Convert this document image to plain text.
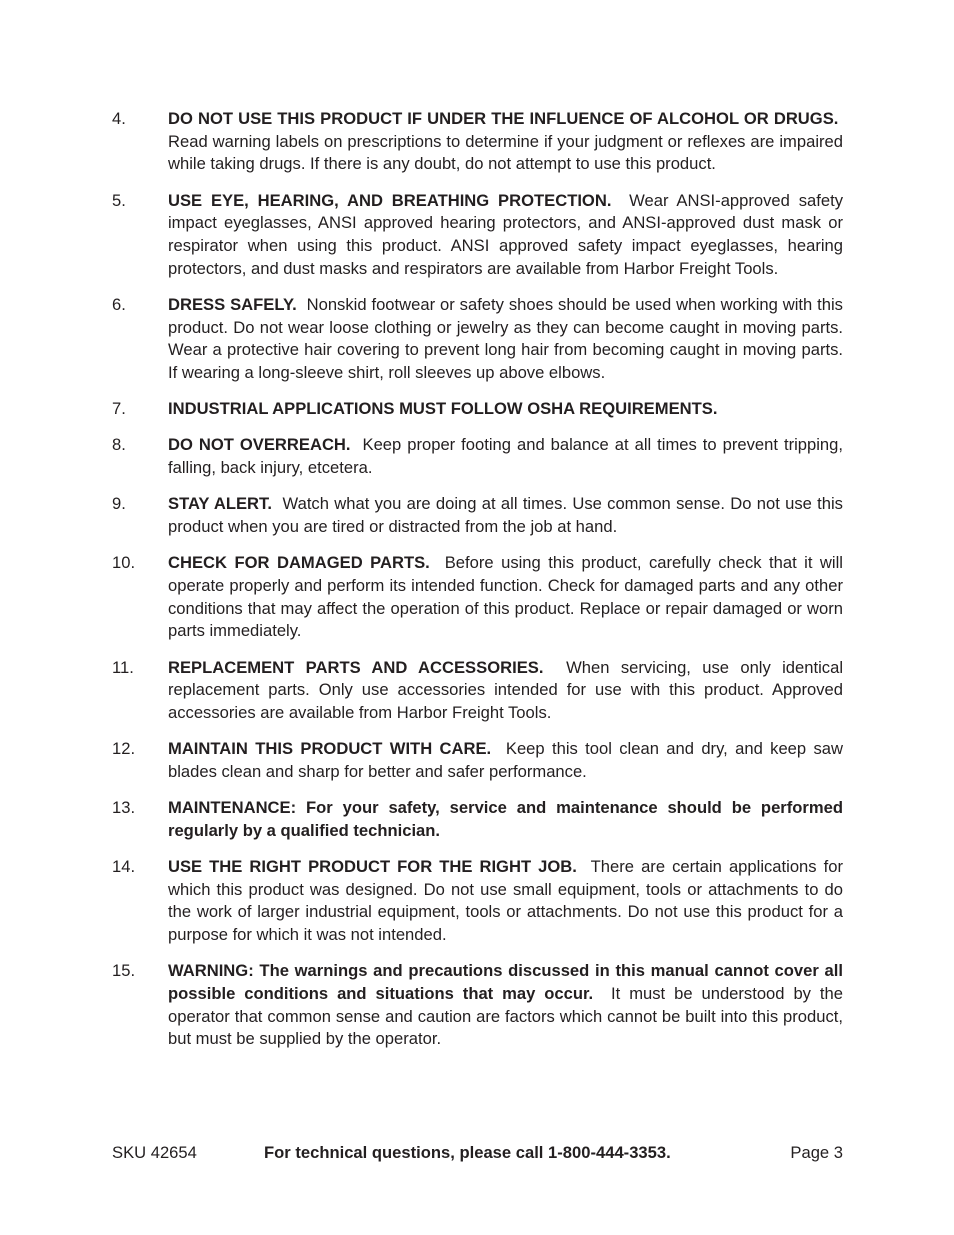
4.	DO NOT USE THIS PRODUCT IF UNDER THE INFLUENCE OF ALCOHOL OR DRUGS.  Read warning labels on prescriptions to determine if your judgment or reflexes are impaired while taking drugs. If there is any doubt, do not attempt to use this product.
5.	USE EYE, HEARING, AND BREATHING PROTECTION. Wear ANSI-approved safety impact eyeglasses, ANSI approved hearing protectors, and ANSI-approved dust mask or respirator when using this product. ANSI approved safety impact eyeglasses, hearing protectors, and dust masks and respirators are available from Harbor Freight Tools.
6.	DRESS SAFELY. Nonskid footwear or safety shoes should be used when working with this product. Do not wear loose clothing or jewelry as they can become caught in moving parts. Wear a protective hair covering to prevent long hair from becoming caught in moving parts. If wearing a long-sleeve shirt, roll sleeves up above elbows.
7.	INDUSTRIAL APPLICATIONS MUST FOLLOW OSHA REQUIREMENTS.
8.	DO NOT OVERREACH. Keep proper footing and balance at all times to prevent tripping, falling, back injury, etcetera.
9.	STAY ALERT. Watch what you are doing at all times. Use common sense. Do not use this product when you are tired or distracted from the job at hand.
10.	CHECK FOR DAMAGED PARTS. Before using this product, carefully check that it will operate properly and perform its intended function. Check for damaged parts and any other conditions that may affect the operation of this product. Replace or repair damaged or worn parts immediately.
11.	REPLACEMENT PARTS AND ACCESSORIES. When servicing, use only identical replacement parts. Only use accessories intended for use with this product. Approved accessories are available from Harbor Freight Tools.
12.	MAINTAIN THIS PRODUCT WITH CARE. Keep this tool clean and dry, and keep saw blades clean and sharp for better and safer performance.
13.	MAINTENANCE: For your safety, service and maintenance should be performed regularly by a qualified technician.
14.	USE THE RIGHT PRODUCT FOR THE RIGHT JOB. There are certain applications for which this product was designed. Do not use small equipment, tools or attachments to do the work of larger industrial equipment, tools or attachments. Do not use this product for a purpose for which it was not intended.
15.	WARNING: The warnings and precautions discussed in this manual cannot cover all possible conditions and situations that may occur. It must be understood by the operator that common sense and caution are factors which cannot be built into this product, but must be supplied by the operator.
SKU 42654	For technical questions, please call 1-800-444-3353.	Page 3
